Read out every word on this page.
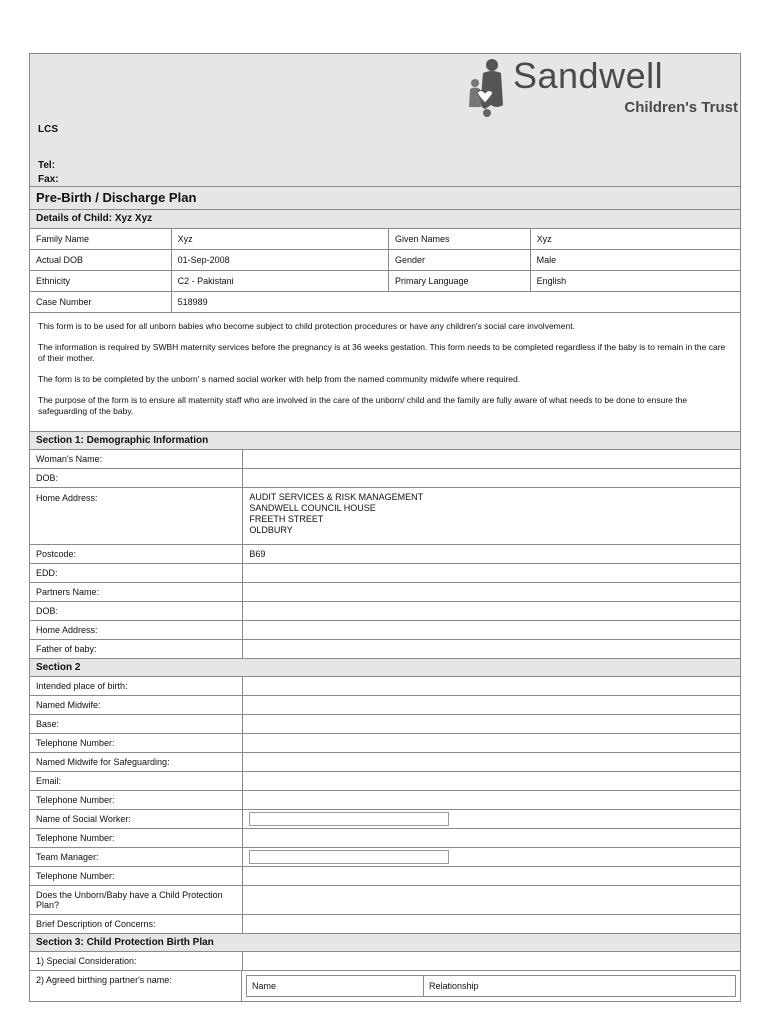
Sandwell
Children's Trust
LCS
Tel:
Fax:
Pre-Birth / Discharge Plan
Details of Child: Xyz Xyz
Family Name	Xyz	Given Names	Xyz
Actual DOB	01-Sep-2008	Gender	Male
Ethnicity	C2 - Pakistani	Primary Language	English
Case Number	518989

This form is to be used for all unborn babies who become subject to child protection procedures or have any children's social care involvement.

The information is required by SWBH maternity services before the pregnancy is at 36 weeks gestation. This form needs to be completed regardless if the baby is to remain in the care of their mother.

The form is to be completed by the unborn' s named social worker with help from the named community midwife where required.

The purpose of the form is to ensure all maternity staff who are involved in the care of the unborn/ child and the family are fully aware of what needs to be done to ensure the safeguarding of the baby.

Section 1: Demographic Information
Woman's Name:
DOB:
Home Address:	AUDIT SERVICES & RISK MANAGEMENT
SANDWELL COUNCIL HOUSE
FREETH STREET
OLDBURY
Postcode:	B69
EDD:
Partners Name:
DOB:
Home Address:
Father of baby:
Section 2
Intended place of birth:
Named Midwife:
Base:
Telephone Number:
Named Midwife for Safeguarding:
Email:
Telephone Number:
Name of Social Worker:
Telephone Number:
Team Manager:
Telephone Number:
Does the Unborn/Baby have a Child Protection Plan?
Brief Description of Concerns:
Section 3: Child Protection Birth Plan
1) Special Consideration:
2) Agreed birthing partner's name:
Name	Relationship
